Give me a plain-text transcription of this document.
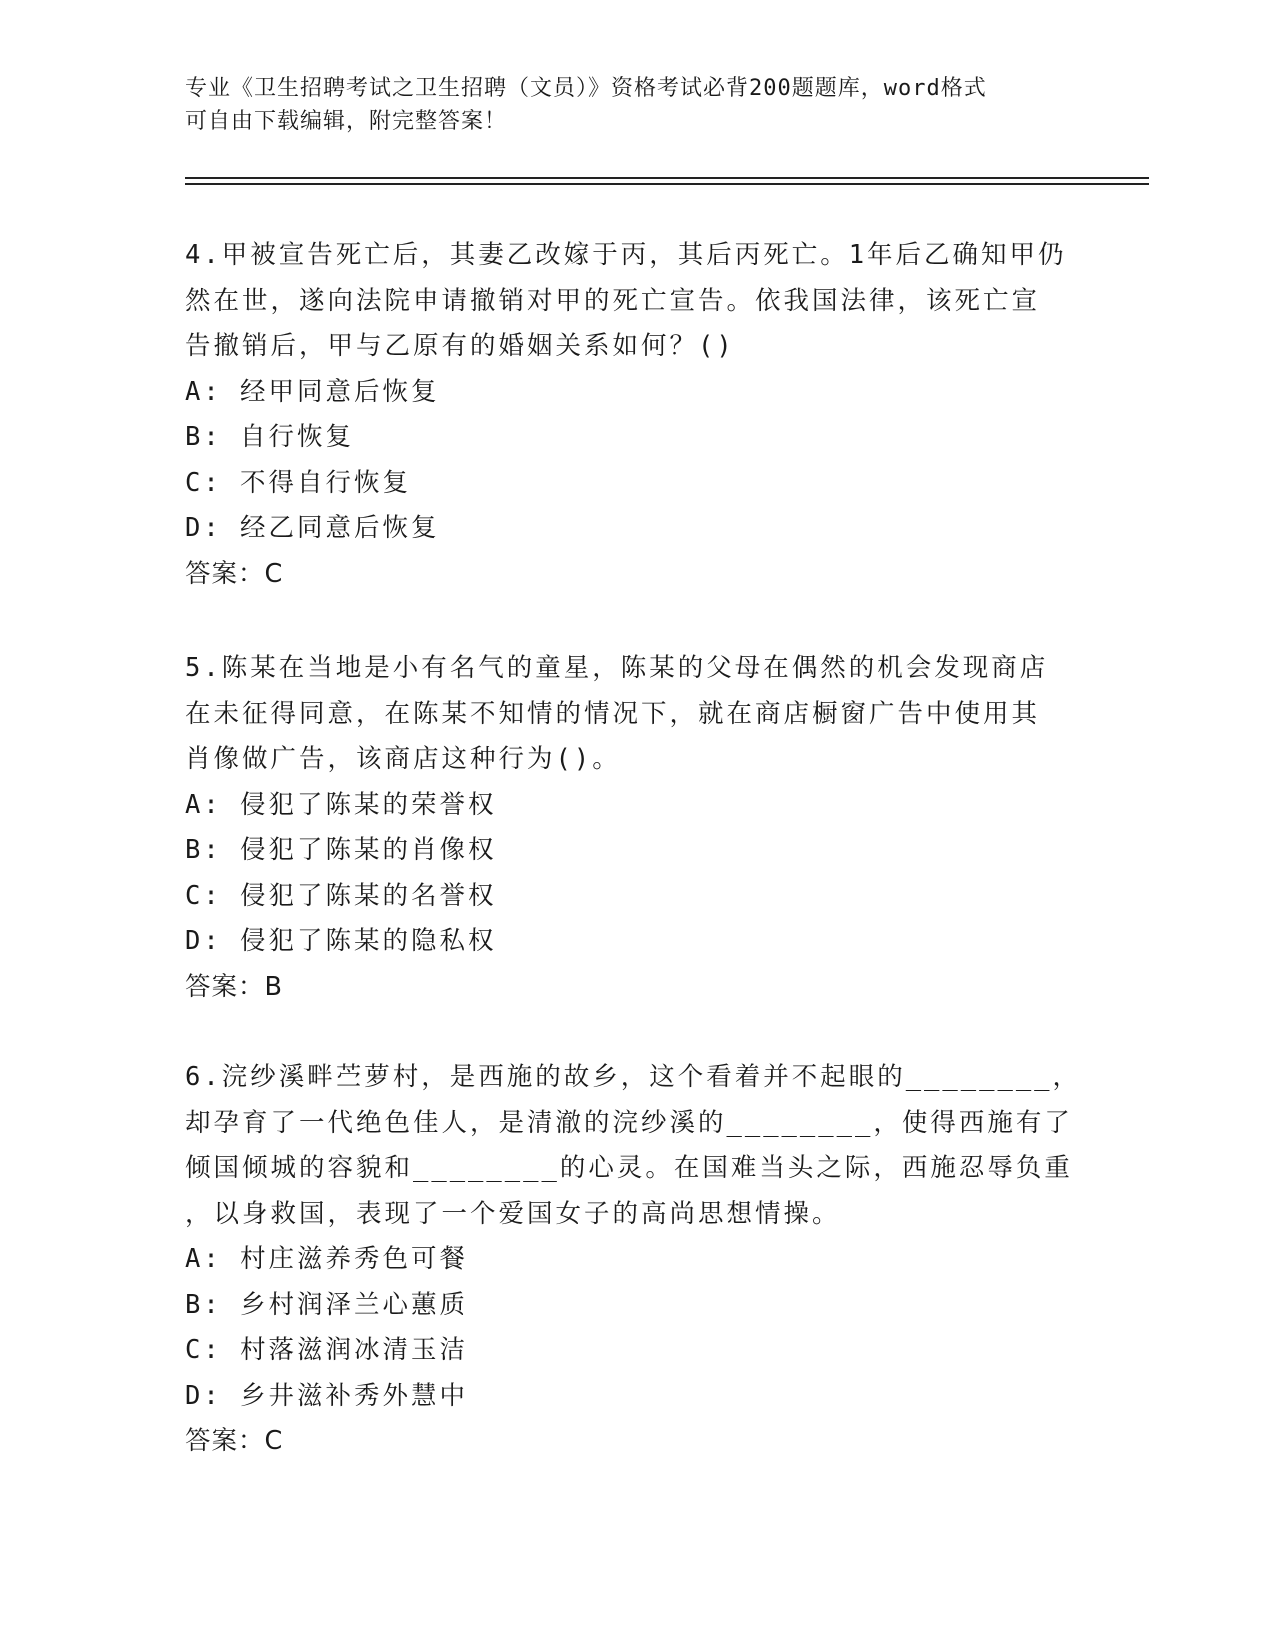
专业《卫生招聘考试之卫生招聘（文员）》资格考试必背200题题库，word格式

可自由下载编辑，附完整答案！

4.甲被宣告死亡后，其妻乙改嫁于丙，其后丙死亡。1年后乙确知甲仍

然在世，遂向法院申请撤销对甲的死亡宣告。依我国法律，该死亡宣

告撤销后，甲与乙原有的婚姻关系如何？()

A: 经甲同意后恢复

B: 自行恢复

C: 不得自行恢复

D: 经乙同意后恢复

答案：C

5.陈某在当地是小有名气的童星，陈某的父母在偶然的机会发现商店

在未征得同意，在陈某不知情的情况下，就在商店橱窗广告中使用其

肖像做广告，该商店这种行为()。

A: 侵犯了陈某的荣誉权

B: 侵犯了陈某的肖像权

C: 侵犯了陈某的名誉权

D: 侵犯了陈某的隐私权

答案：B

6.浣纱溪畔苎萝村，是西施的故乡，这个看着并不起眼的________，

却孕育了一代绝色佳人，是清澈的浣纱溪的________，使得西施有了

倾国倾城的容貌和________的心灵。在国难当头之际，西施忍辱负重

，以身救国，表现了一个爱国女子的高尚思想情操。

A: 村庄滋养秀色可餐

B: 乡村润泽兰心蕙质

C: 村落滋润冰清玉洁

D: 乡井滋补秀外慧中

答案：C
